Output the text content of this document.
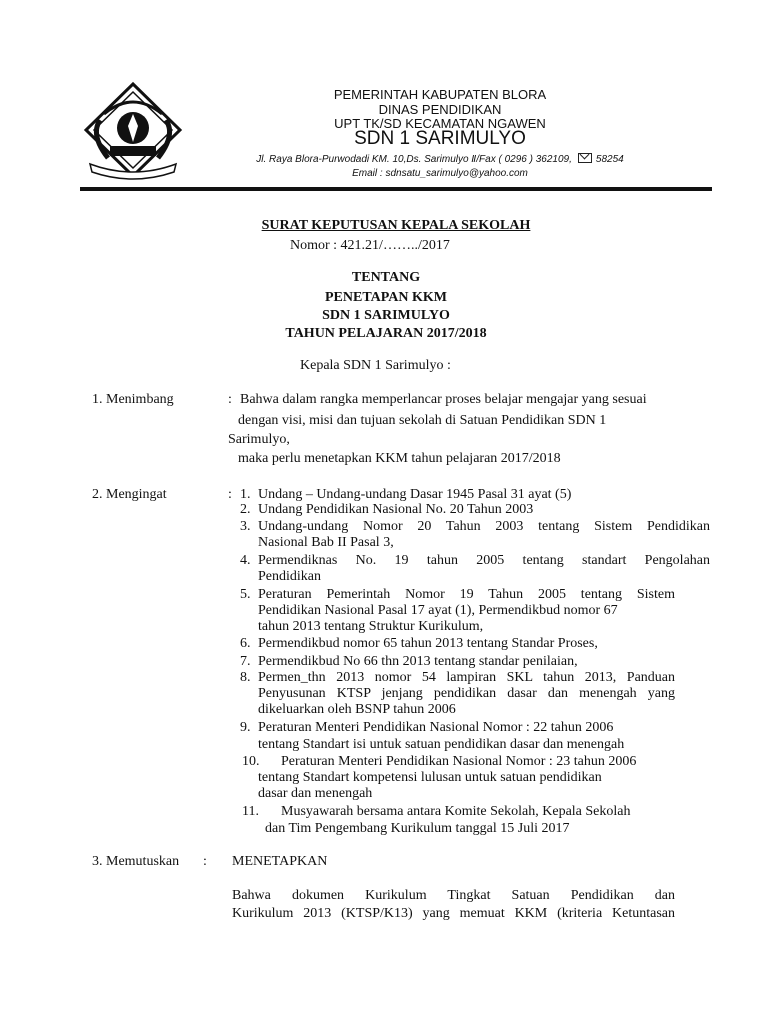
PEMERINTAH KABUPATEN BLORA
DINAS PENDIDIKAN
UPT TK/SD KECAMATAN NGAWEN
SDN 1 SARIMULYO
Jl. Raya Blora-Purwodadi KM. 10,Ds. Sarimulyo Ⅱ/Fax ( 0296 ) 362109, 58254
Email : sdnsatu_sarimulyo@yahoo.com
SURAT KEPUTUSAN KEPALA SEKOLAH
Nomor : 421.21/……../2017
TENTANG
PENETAPAN KKM
SDN 1 SARIMULYO
TAHUN PELAJARAN 2017/2018
Kepala SDN 1 Sarimulyo :
1. Menimbang	: Bahwa dalam rangka memperlancar proses belajar mengajar yang sesuai
dengan visi, misi dan tujuan sekolah di Satuan Pendidikan SDN 1
Sarimulyo,
maka perlu menetapkan KKM tahun pelajaran 2017/2018
2. Mengingat	: 1. Undang – Undang-undang Dasar 1945 Pasal 31 ayat (5)
2. Undang Pendidikan Nasional No. 20 Tahun 2003
3. Undang-undang Nomor 20 Tahun 2003 tentang Sistem Pendidikan
Nasional Bab II Pasal 3,
4. Permendiknas No. 19 tahun 2005 tentang standart Pengolahan
Pendidikan
5. Peraturan Pemerintah Nomor 19 Tahun 2005 tentang Sistem
Pendidikan Nasional Pasal 17 ayat (1), Permendikbud nomor 67
tahun 2013 tentang Struktur Kurikulum,
6. Permendikbud nomor 65 tahun 2013 tentang Standar Proses,
7. Permendikbud No 66 thn 2013 tentang standar penilaian,
8. Permen_thn 2013 nomor 54 lampiran SKL tahun 2013, Panduan
Penyusunan KTSP jenjang pendidikan dasar dan menengah yang
dikeluarkan oleh BSNP tahun 2006
9. Peraturan Menteri Pendidikan Nasional Nomor : 22 tahun 2006
tentang Standart isi untuk satuan pendidikan dasar dan menengah
10. Peraturan Menteri Pendidikan Nasional Nomor : 23 tahun 2006
tentang Standart kompetensi lulusan untuk satuan pendidikan
dasar dan menengah
11. Musyawarah bersama antara Komite Sekolah, Kepala Sekolah
dan Tim Pengembang Kurikulum tanggal 15 Juli 2017
3. Memutuskan : MENETAPKAN
Bahwa dokumen Kurikulum Tingkat Satuan Pendidikan dan
Kurikulum 2013 (KTSP/K13) yang memuat KKM (kriteria Ketuntasan
